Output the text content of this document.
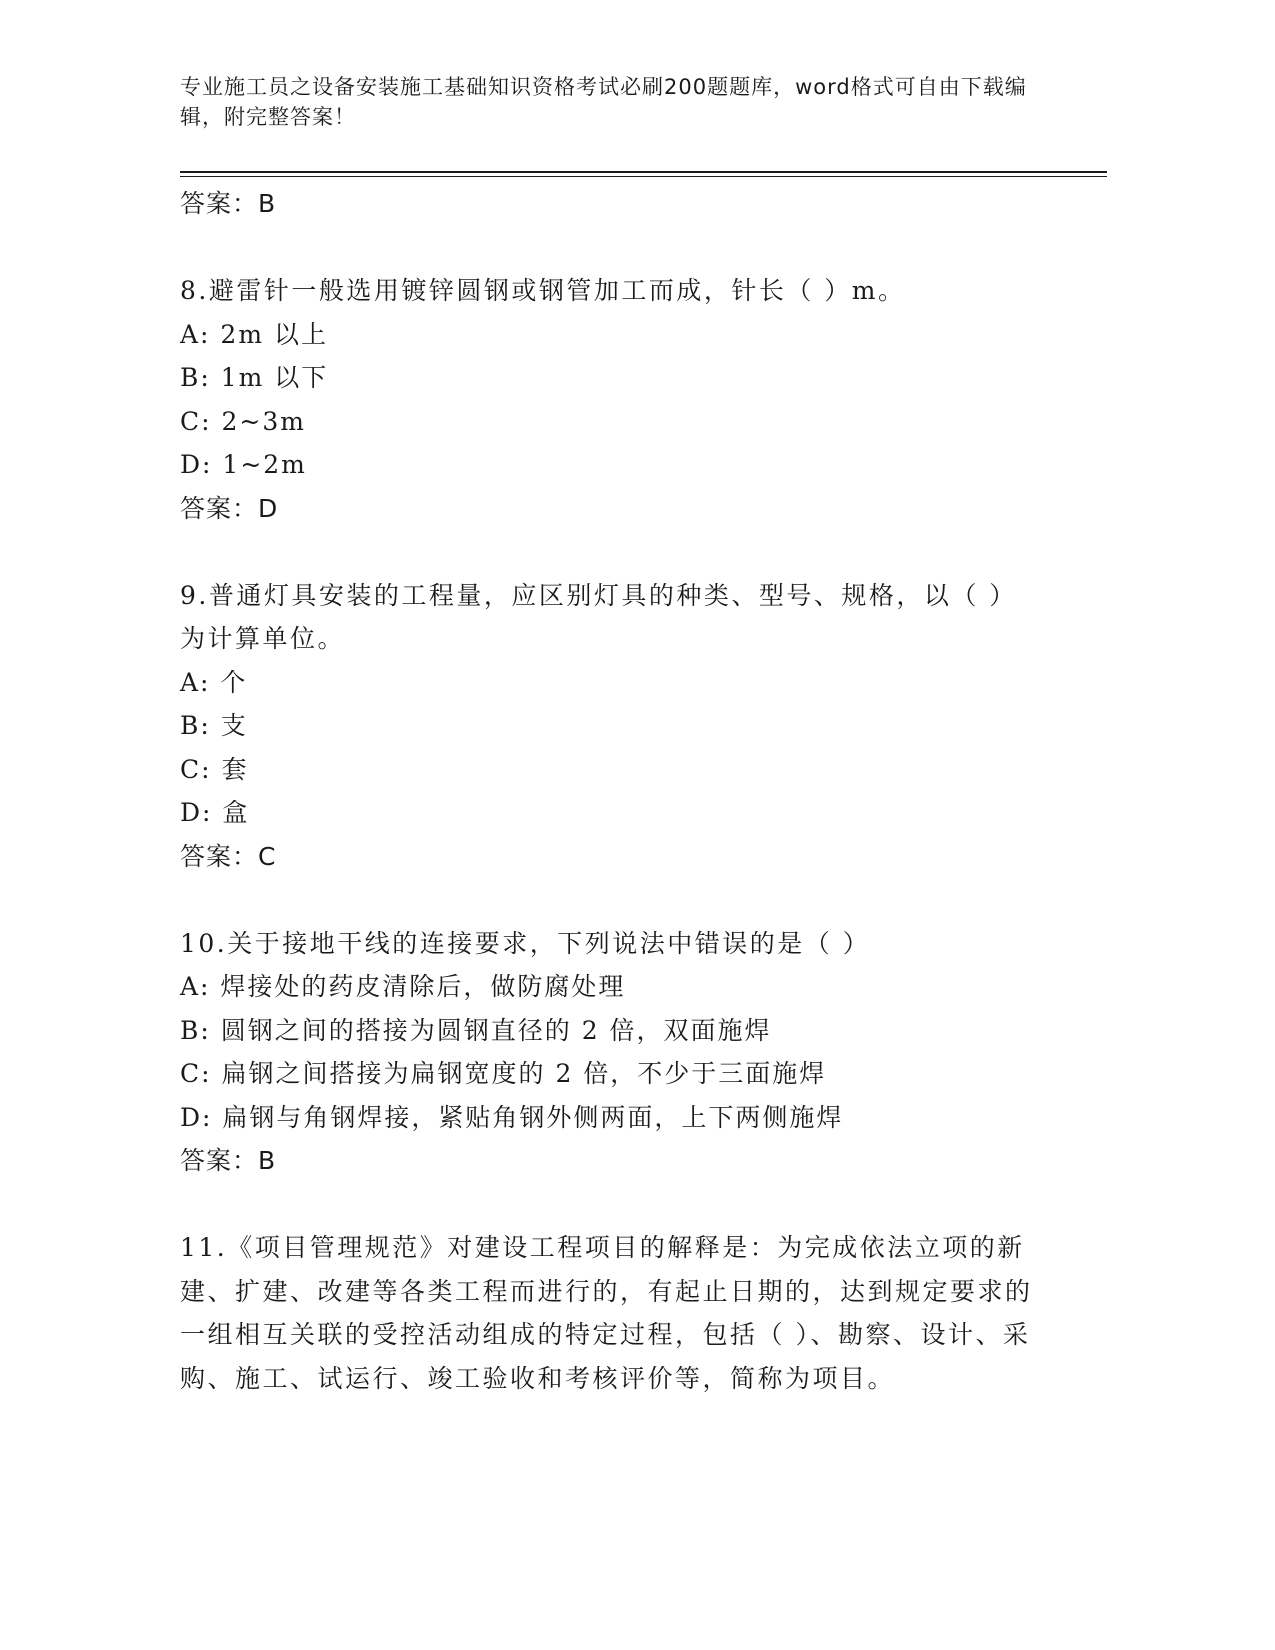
专业施工员之设备安装施工基础知识资格考试必刷200题题库，word格式可自由下载编辑，附完整答案！
答案：B
8.避雷针一般选用镀锌圆钢或钢管加工而成，针长（ ）m。
A: 2m 以上
B: 1m 以下
C: 2~3m
D: 1~2m
答案：D
9.普通灯具安装的工程量，应区别灯具的种类、型号、规格，以（ ）为计算单位。
A: 个
B: 支
C: 套
D: 盒
答案：C
10.关于接地干线的连接要求，下列说法中错误的是（ ）
A: 焊接处的药皮清除后，做防腐处理
B: 圆钢之间的搭接为圆钢直径的 2 倍，双面施焊
C: 扁钢之间搭接为扁钢宽度的 2 倍，不少于三面施焊
D: 扁钢与角钢焊接，紧贴角钢外侧两面，上下两侧施焊
答案：B
11.《项目管理规范》对建设工程项目的解释是：为完成依法立项的新建、扩建、改建等各类工程而进行的，有起止日期的，达到规定要求的一组相互关联的受控活动组成的特定过程，包括（ ）、勘察、设计、采购、施工、试运行、竣工验收和考核评价等，简称为项目。
